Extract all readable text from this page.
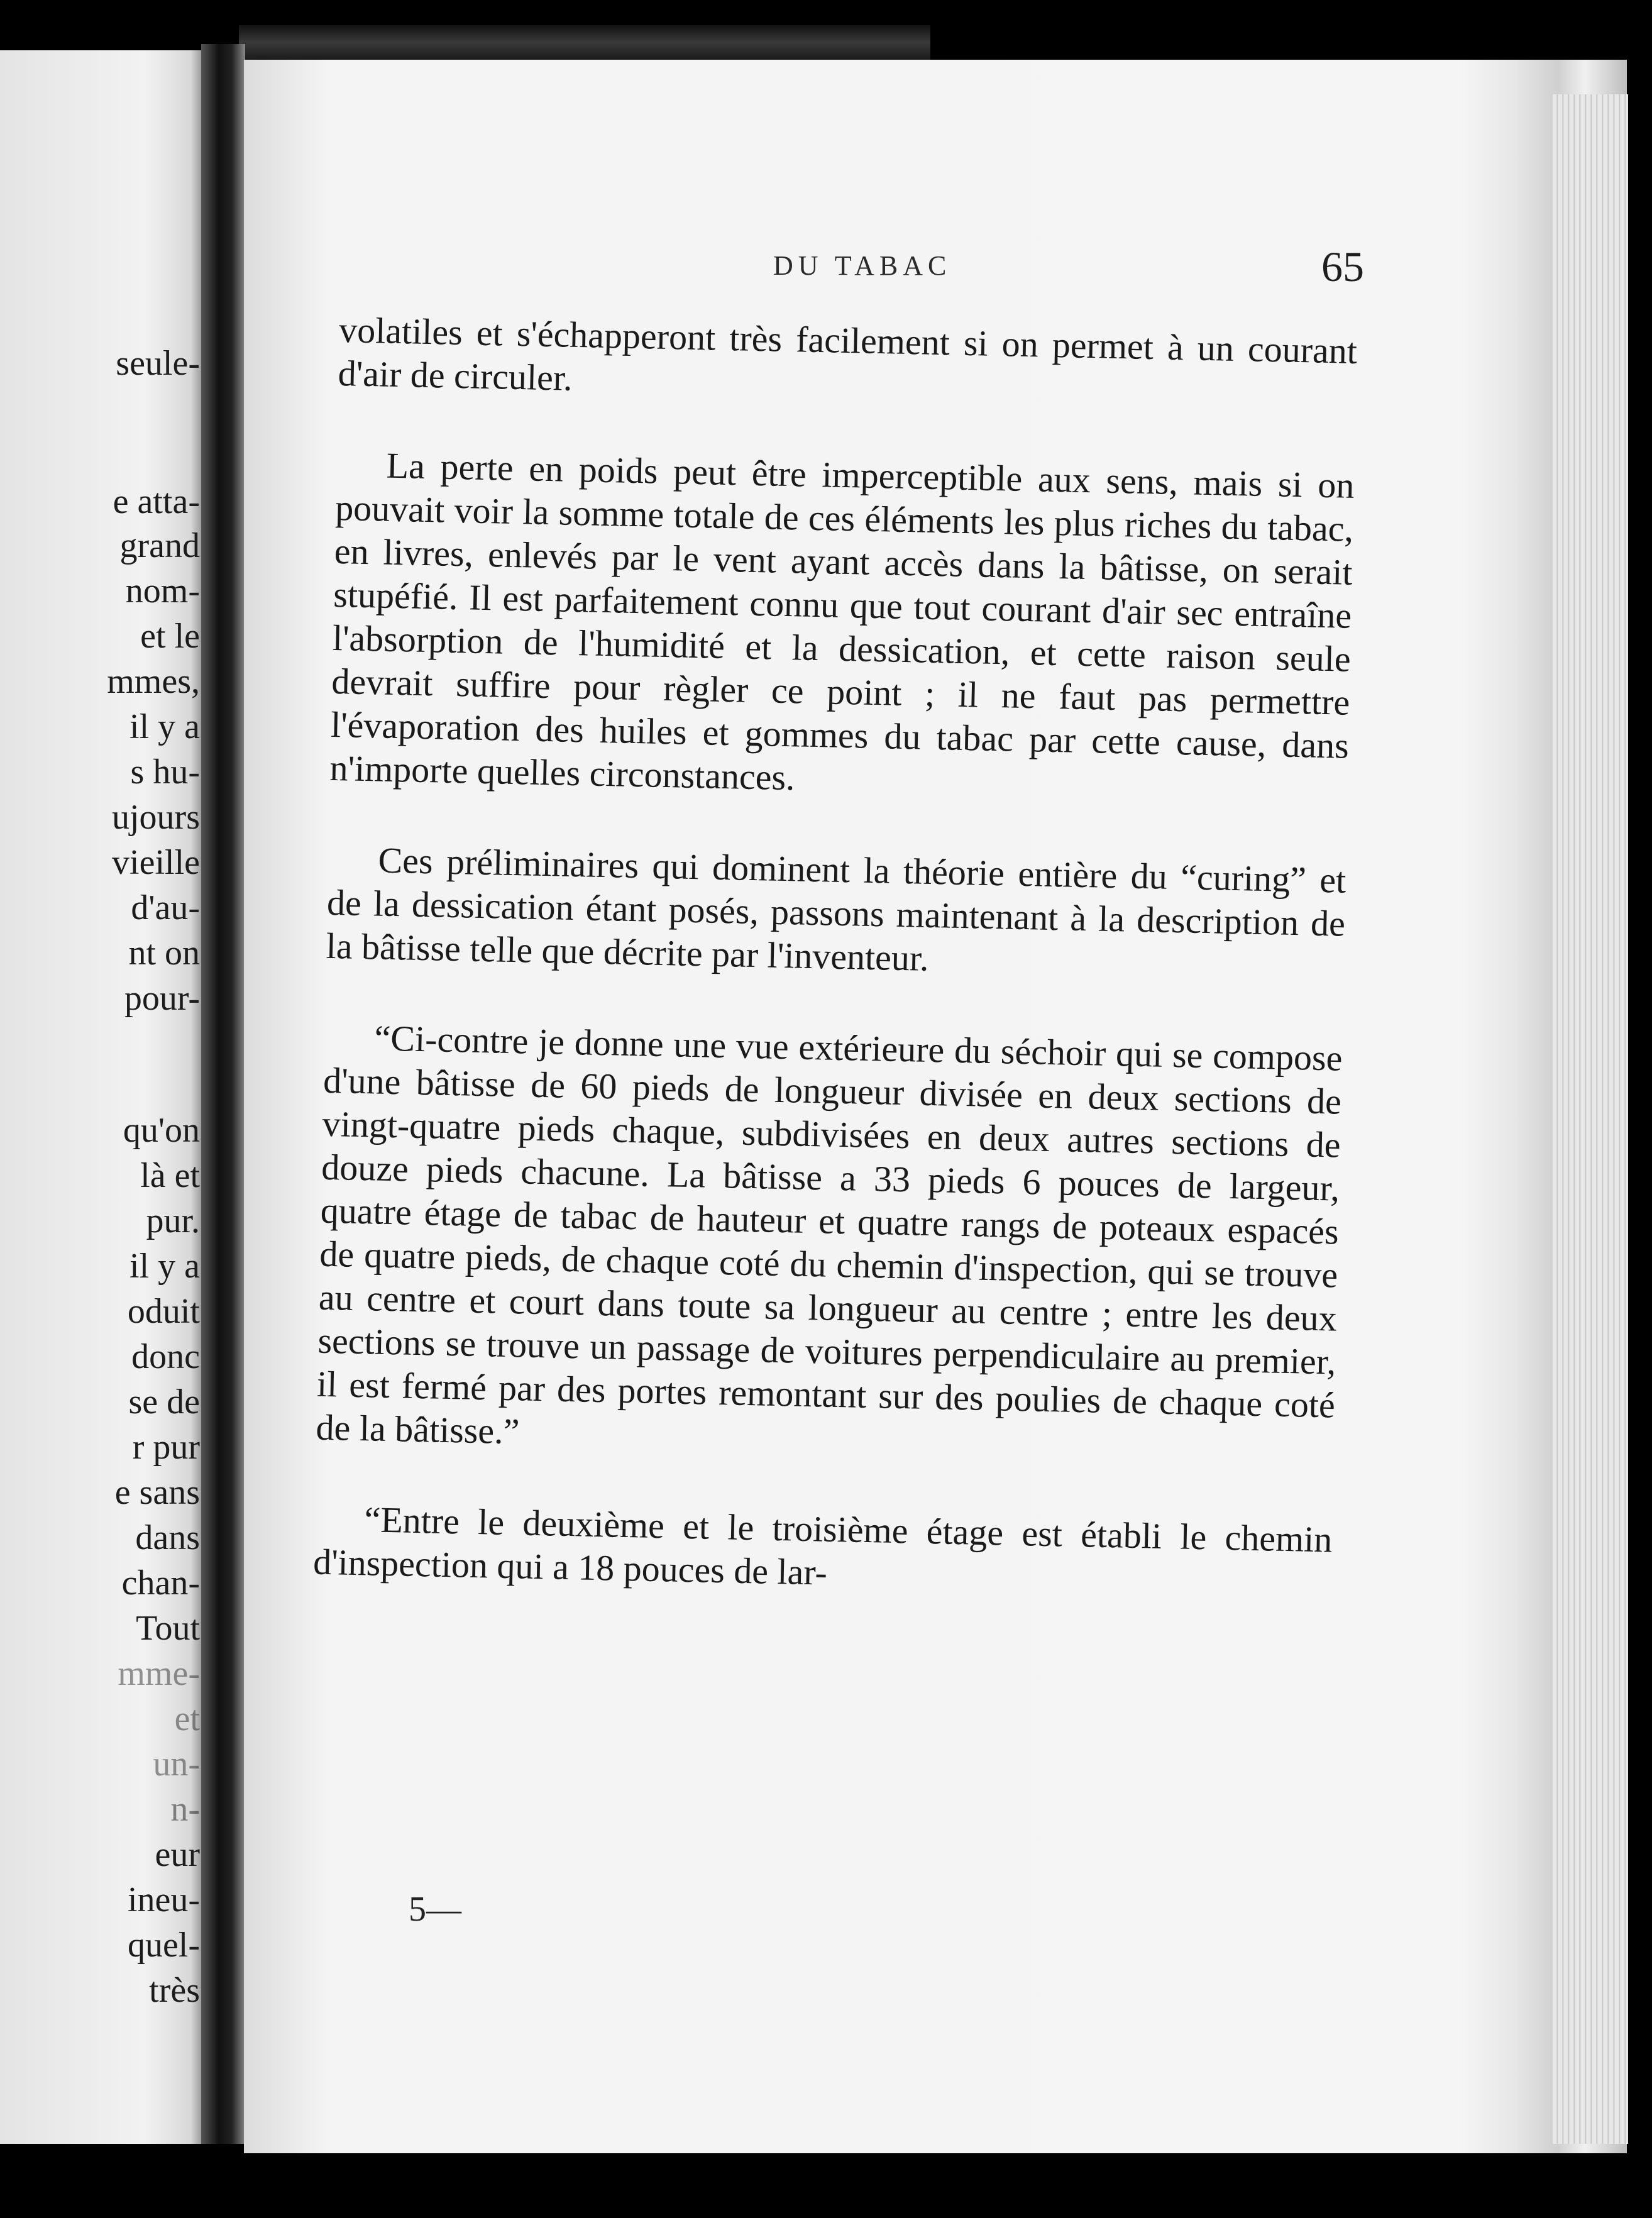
seule-

e atta-

grand

nom-

et le

mmes,

il y a

s hu-

ujours

vieille

d'au-

nt on

pour-

qu'on

là et

pur.

il y a

oduit

donc

se de

r pur

e sans

dans

chan-

Tout

mme-

et

un-

n-

eur

ineu-

quel-

très

DU TABAC	65

volatiles et s'échapperont très facilement si on permet à un courant d'air de circuler.

La perte en poids peut être imperceptible aux sens, mais si on pouvait voir la somme totale de ces éléments les plus riches du tabac, en livres, enlevés par le vent ayant accès dans la bâtisse, on serait stupéfié. Il est parfaitement connu que tout courant d'air sec entraîne l'absorption de l'humidité et la dessication, et cette raison seule devrait suffire pour règler ce point ; il ne faut pas permettre l'évaporation des huiles et gommes du tabac par cette cause, dans n'importe quelles circonstances.

Ces préliminaires qui dominent la théorie entière du “curing” et de la dessication étant posés, passons maintenant à la description de la bâtisse telle que décrite par l'inventeur.

“Ci-contre je donne une vue extérieure du séchoir qui se compose d'une bâtisse de 60 pieds de longueur divisée en deux sections de vingt-quatre pieds chaque, subdivisées en deux autres sections de douze pieds chacune. La bâtisse a 33 pieds 6 pouces de largeur, quatre étage de tabac de hauteur et quatre rangs de poteaux espacés de quatre pieds, de chaque coté du chemin d'inspection, qui se trouve au centre et court dans toute sa longueur au centre ; entre les deux sections se trouve un passage de voitures perpendiculaire au premier, il est fermé par des portes remontant sur des poulies de chaque coté de la bâtisse.”

“Entre le deuxième et le troisième étage est établi le chemin d'inspection qui a 18 pouces de lar-

5—
